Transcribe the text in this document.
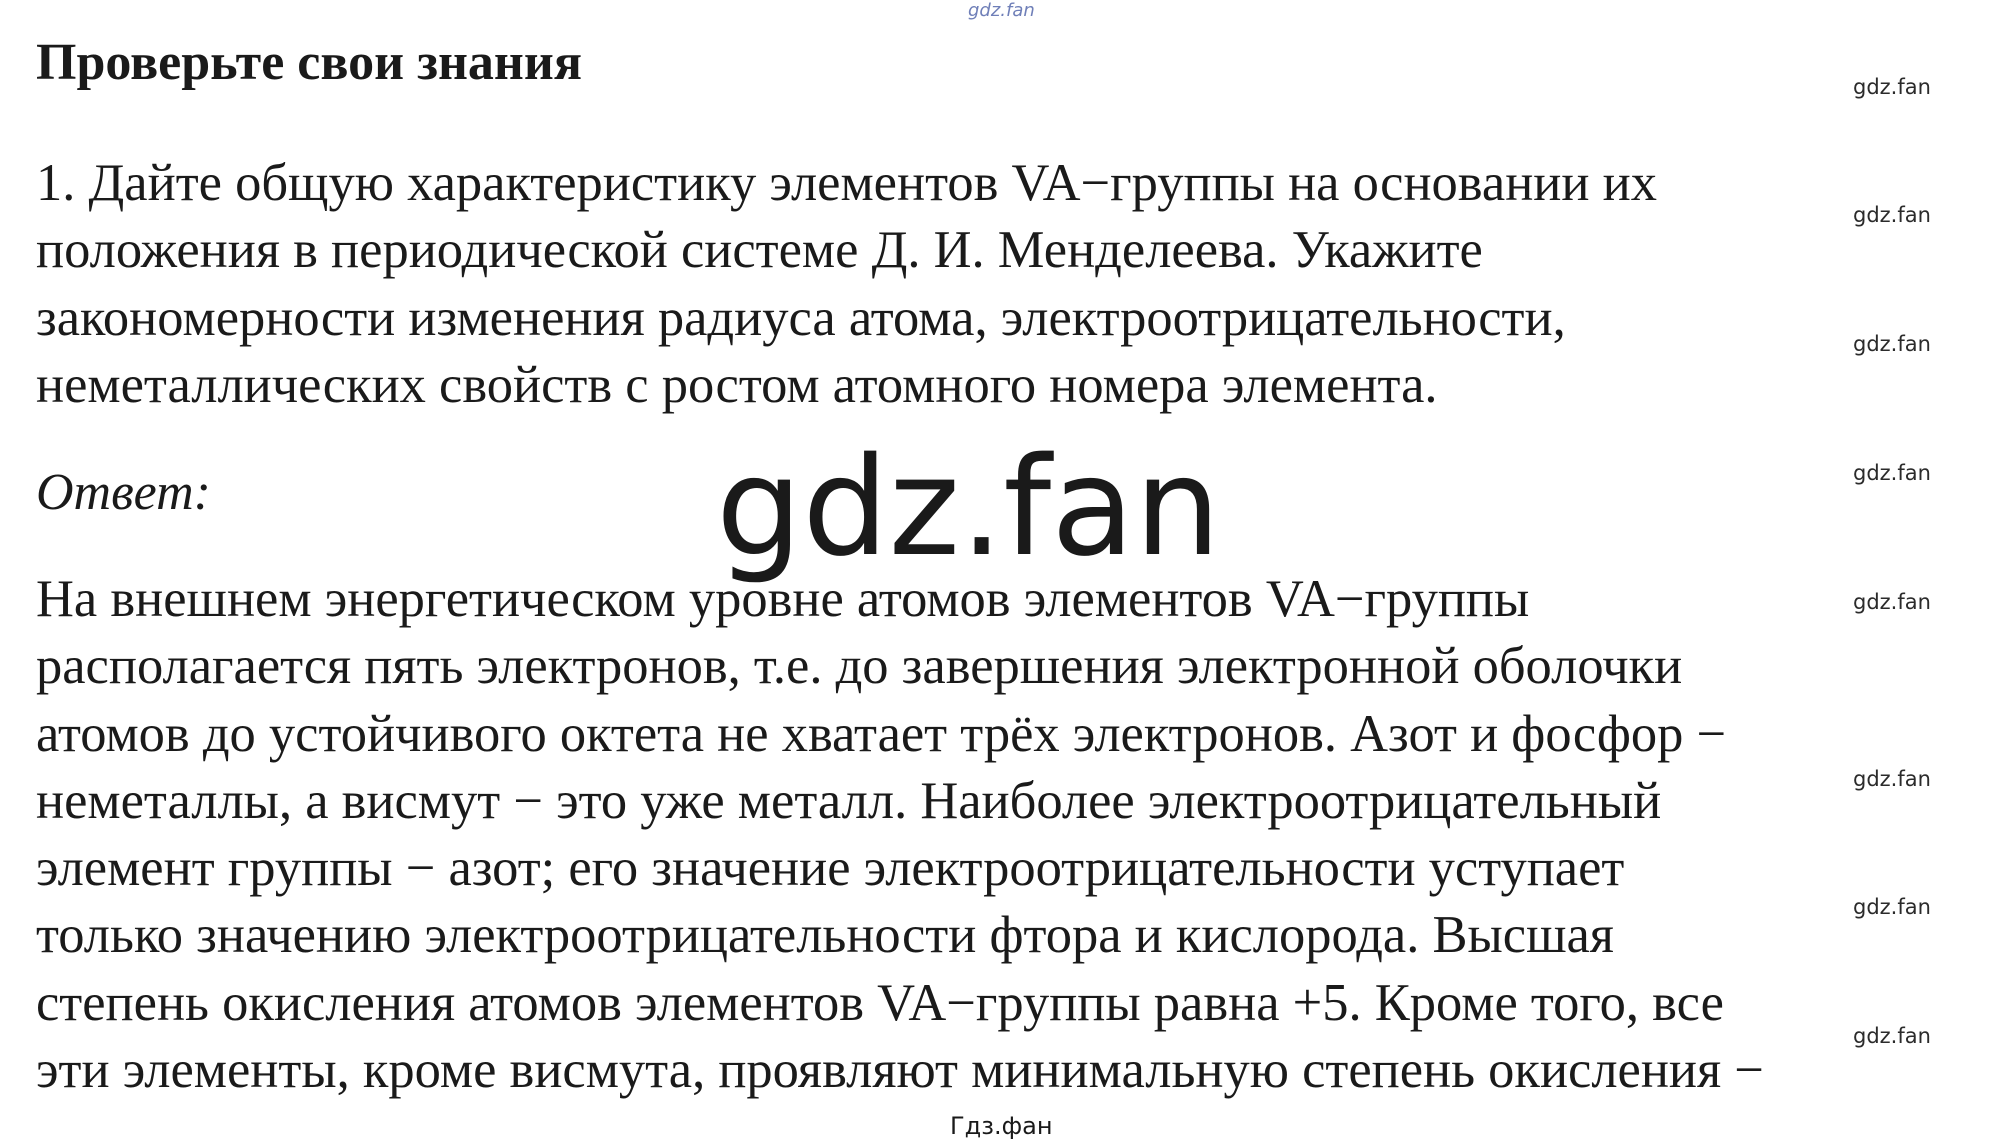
gdz.fan
Проверьте свои знания

1. Дайте общую характеристику элементов VA−группы на основании их
положения в периодической системе Д. И. Менделеева. Укажите
закономерности изменения радиуса атома, электроотрицательности,
неметаллических свойств с ростом атомного номера элемента.

Ответ:	gdz.fan

На внешнем энергетическом уровне атомов элементов VA−группы
располагается пять электронов, т.е. до завершения электронной оболочки
атомов до устойчивого октета не хватает трёх электронов. Азот и фосфор −
неметаллы, а висмут − это уже металл. Наиболее электроотрицательный
элемент группы − азот; его значение электроотрицательности уступает
только значению электроотрицательности фтора и кислорода. Высшая
степень окисления атомов элементов VA−группы равна +5. Кроме того, все
эти элементы, кроме висмута, проявляют минимальную степень окисления −

gdz.fan
gdz.fan
gdz.fan
gdz.fan
gdz.fan
gdz.fan
gdz.fan
gdz.fan
Гдз.фан
